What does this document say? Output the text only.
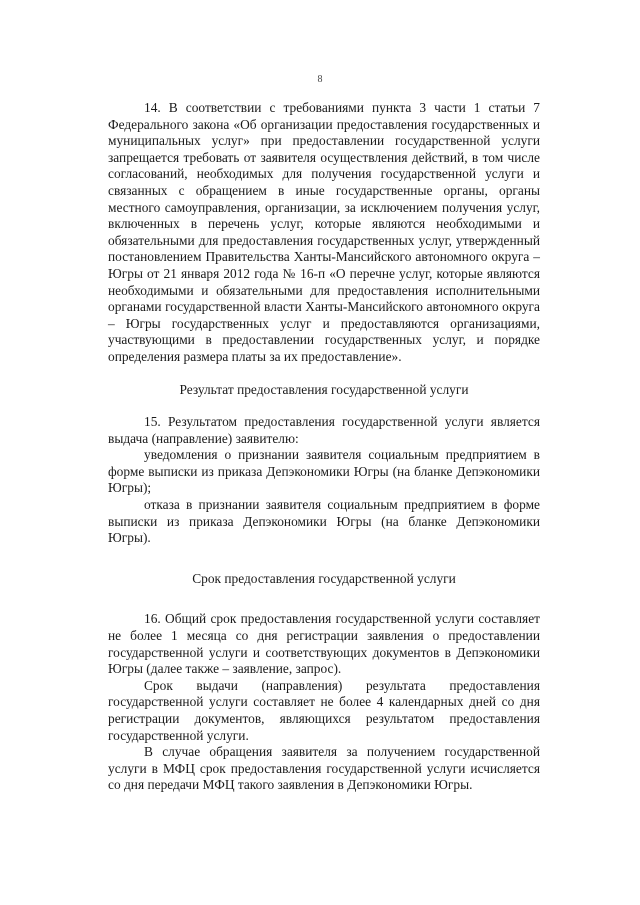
8

14. В соответствии с требованиями пункта 3 части 1 статьи 7 Федерального закона «Об организации предоставления государственных и муниципальных услуг» при предоставлении государственной услуги запрещается требовать от заявителя осуществления действий, в том числе согласований, необходимых для получения государственной услуги и связанных с обращением в иные государственные органы, органы местного самоуправления, организации, за исключением получения услуг, включенных в перечень услуг, которые являются необходимыми и обязательными для предоставления государственных услуг, утвержденный постановлением Правительства Ханты-Мансийского автономного округа – Югры от 21 января 2012 года № 16-п «О перечне услуг, которые являются необходимыми и обязательными для предоставления исполнительными органами государственной власти Ханты-Мансийского автономного округа – Югры государственных услуг и предоставляются организациями, участвующими в предоставлении государственных услуг, и порядке определения размера платы за их предоставление».

Результат предоставления государственной услуги

15. Результатом предоставления государственной услуги является выдача (направление) заявителю:

уведомления о признании заявителя социальным предприятием в форме выписки из приказа Депэкономики Югры (на бланке Депэкономики Югры);

отказа в признании заявителя социальным предприятием в форме выписки из приказа Депэкономики Югры (на бланке Депэкономики Югры).

Срок предоставления государственной услуги

16. Общий срок предоставления государственной услуги составляет не более 1 месяца со дня регистрации заявления о предоставлении государственной услуги и соответствующих документов в Депэкономики Югры (далее также – заявление, запрос).

Срок выдачи (направления) результата предоставления государственной услуги составляет не более 4 календарных дней со дня регистрации документов, являющихся результатом предоставления государственной услуги.

В случае обращения заявителя за получением государственной услуги в МФЦ срок предоставления государственной услуги исчисляется со дня передачи МФЦ такого заявления в Депэкономики Югры.
